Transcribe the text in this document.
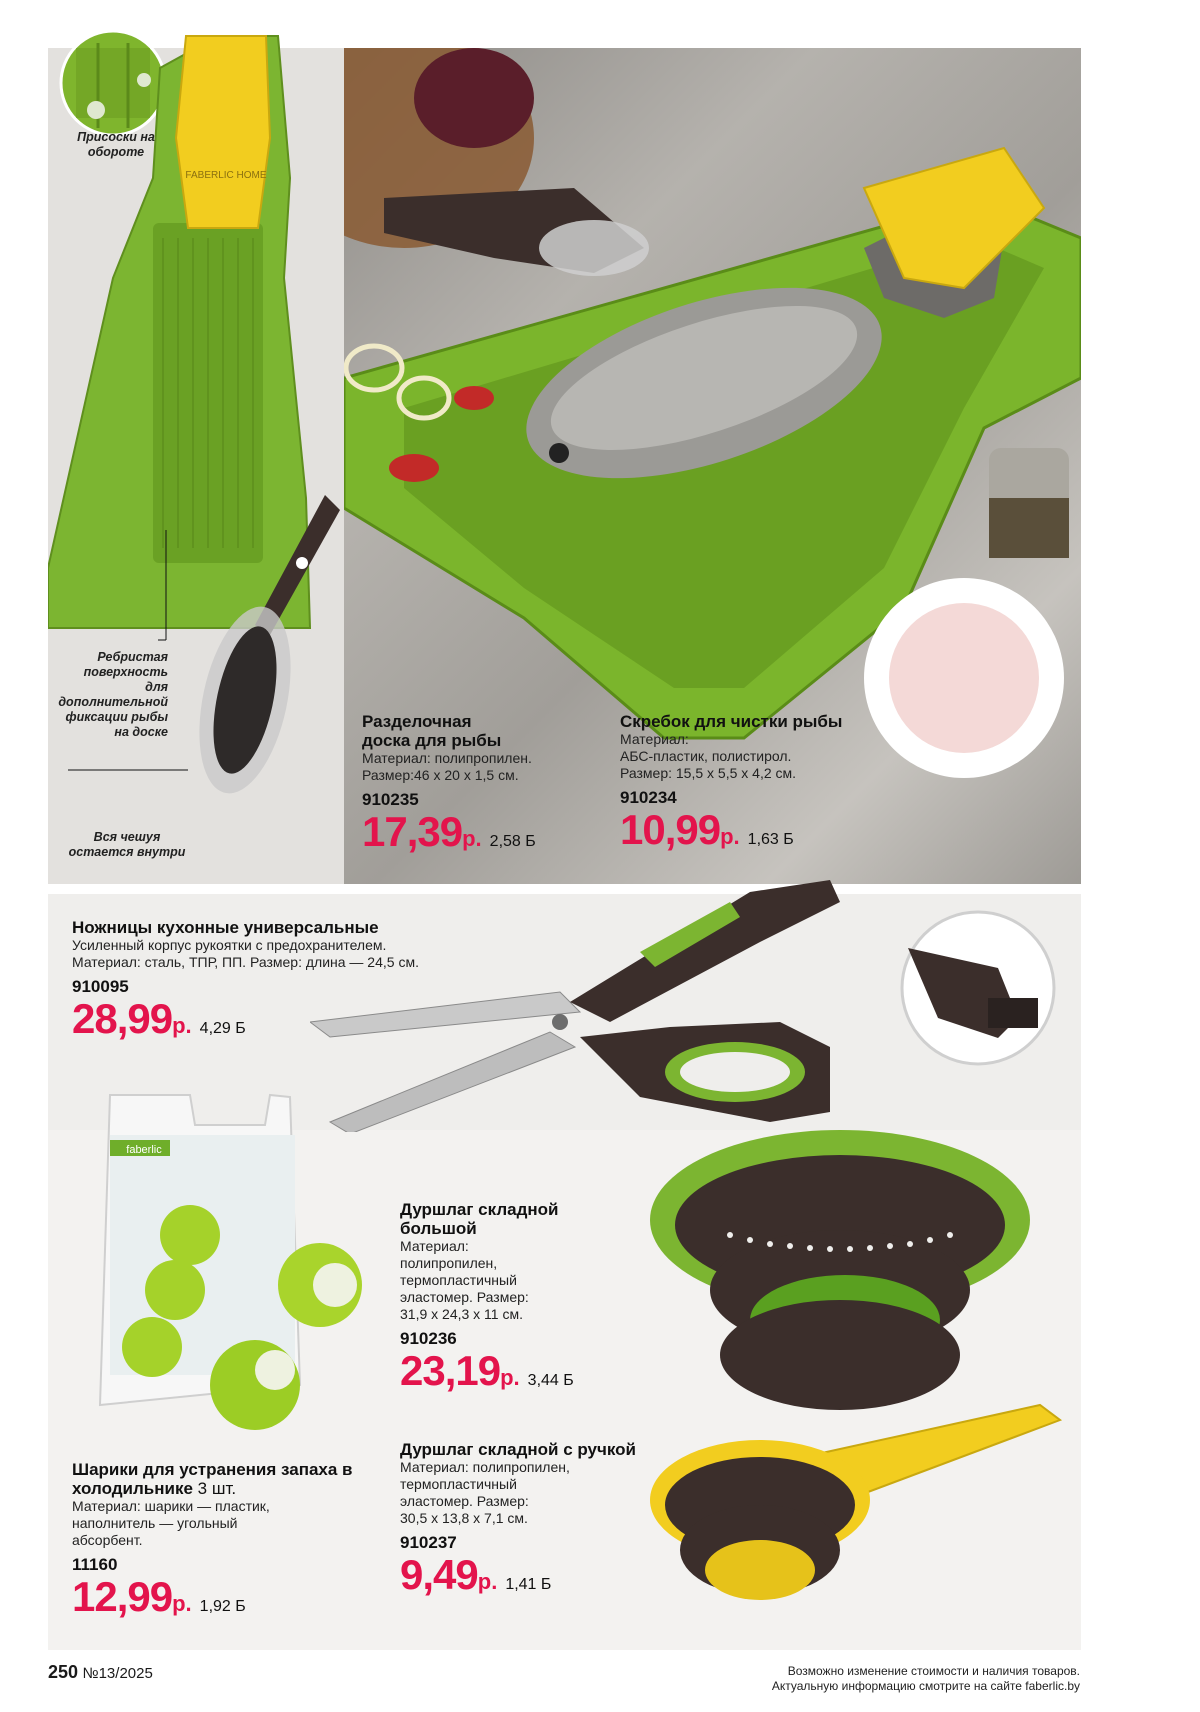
Присоски на обороте
FABERLIC HOME
Ребристая поверхность для дополнительной фиксации рыбы на доске
Вся чешуя остается внутри
Разделочная доска для рыбы
Материал: полипропилен.
Размер:46 х 20 х 1,5 см.
910235
17,39р. 2,58 Б
Скребок для чистки рыбы
Материал:
АБС-пластик, полистирол.
Размер: 15,5 х 5,5 х 4,2 см.
910234
10,99р. 1,63 Б
Ножницы кухонные универсальные
Усиленный корпус рукоятки с предохранителем.
Материал: сталь, ТПР, ПП. Размер: длина — 24,5 см.
910095
28,99р. 4,29 Б
faberlic
Дуршлаг складной большой
Материал:
полипропилен,
термопластичный
эластомер. Размер:
31,9 х 24,3 х 11 см.
910236
23,19р. 3,44 Б
Шарики для устранения запаха в холодильнике 3 шт.
Материал: шарики — пластик,
наполнитель — угольный
абсорбент.
11160
12,99р. 1,92 Б
Дуршлаг складной с ручкой
Материал: полипропилен,
термопластичный
эластомер. Размер:
30,5 х 13,8 х 7,1 см.
910237
9,49р. 1,41 Б
250 №13/2025	Возможно изменение стоимости и наличия товаров.
Актуальную информацию смотрите на сайте faberlic.by
